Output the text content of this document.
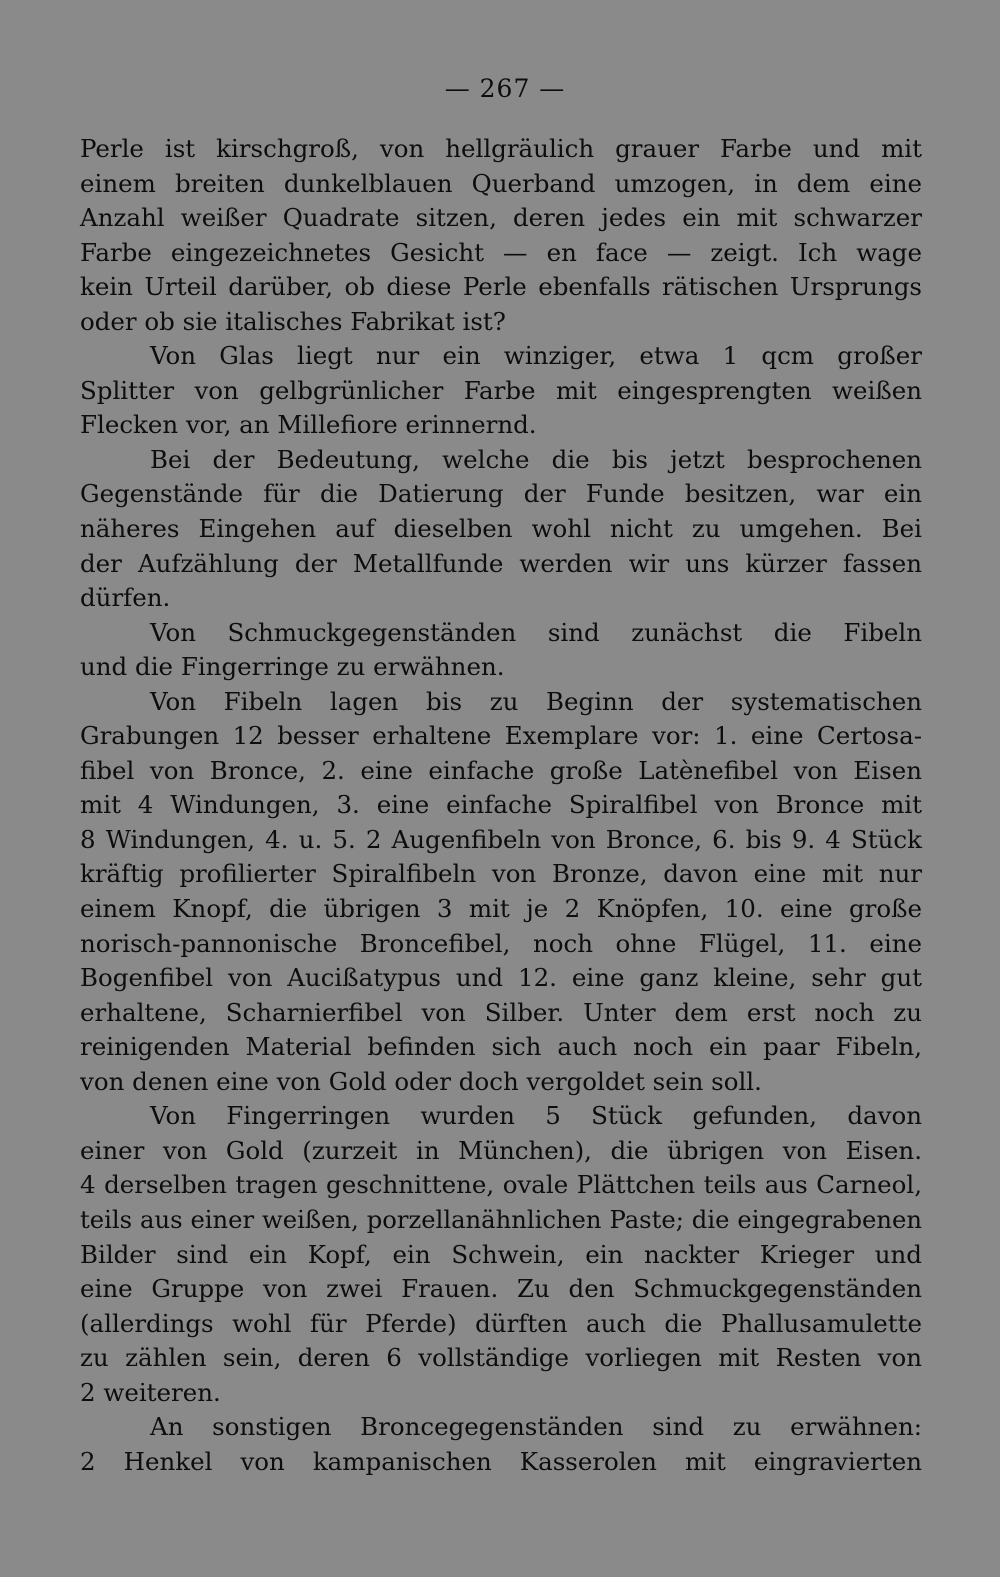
— 267 —
Perle ist kirschgroß, von hellgräulich grauer Farbe und mit
einem breiten dunkelblauen Querband umzogen, in dem eine
Anzahl weißer Quadrate sitzen, deren jedes ein mit schwarzer
Farbe eingezeichnetes Gesicht — en face — zeigt. Ich wage
kein Urteil darüber, ob diese Perle ebenfalls rätischen Ursprungs
oder ob sie italisches Fabrikat ist?
Von Glas liegt nur ein winziger, etwa 1 qcm großer
Splitter von gelbgrünlicher Farbe mit eingesprengten weißen
Flecken vor, an Millefiore erinnernd.
Bei der Bedeutung, welche die bis jetzt besprochenen
Gegenstände für die Datierung der Funde besitzen, war ein
näheres Eingehen auf dieselben wohl nicht zu umgehen. Bei
der Aufzählung der Metallfunde werden wir uns kürzer fassen
dürfen.
Von Schmuckgegenständen sind zunächst die Fibeln
und die Fingerringe zu erwähnen.
Von Fibeln lagen bis zu Beginn der systematischen
Grabungen 12 besser erhaltene Exemplare vor: 1. eine Certosa-
fibel von Bronce, 2. eine einfache große Latènefibel von Eisen
mit 4 Windungen, 3. eine einfache Spiralfibel von Bronce mit
8 Windungen, 4. u. 5. 2 Augenfibeln von Bronce, 6. bis 9. 4 Stück
kräftig profilierter Spiralfibeln von Bronze, davon eine mit nur
einem Knopf, die übrigen 3 mit je 2 Knöpfen, 10. eine große
norisch-pannonische Broncefibel, noch ohne Flügel, 11. eine
Bogenfibel von Aucißatypus und 12. eine ganz kleine, sehr gut
erhaltene, Scharnierfibel von Silber. Unter dem erst noch zu
reinigenden Material befinden sich auch noch ein paar Fibeln,
von denen eine von Gold oder doch vergoldet sein soll.
Von Fingerringen wurden 5 Stück gefunden, davon
einer von Gold (zurzeit in München), die übrigen von Eisen.
4 derselben tragen geschnittene, ovale Plättchen teils aus Carneol,
teils aus einer weißen, porzellanähnlichen Paste; die eingegrabenen
Bilder sind ein Kopf, ein Schwein, ein nackter Krieger und
eine Gruppe von zwei Frauen. Zu den Schmuckgegenständen
(allerdings wohl für Pferde) dürften auch die Phallusamulette
zu zählen sein, deren 6 vollständige vorliegen mit Resten von
2 weiteren.
An sonstigen Broncegegenständen sind zu erwähnen:
2 Henkel von kampanischen Kasserolen mit eingravierten
